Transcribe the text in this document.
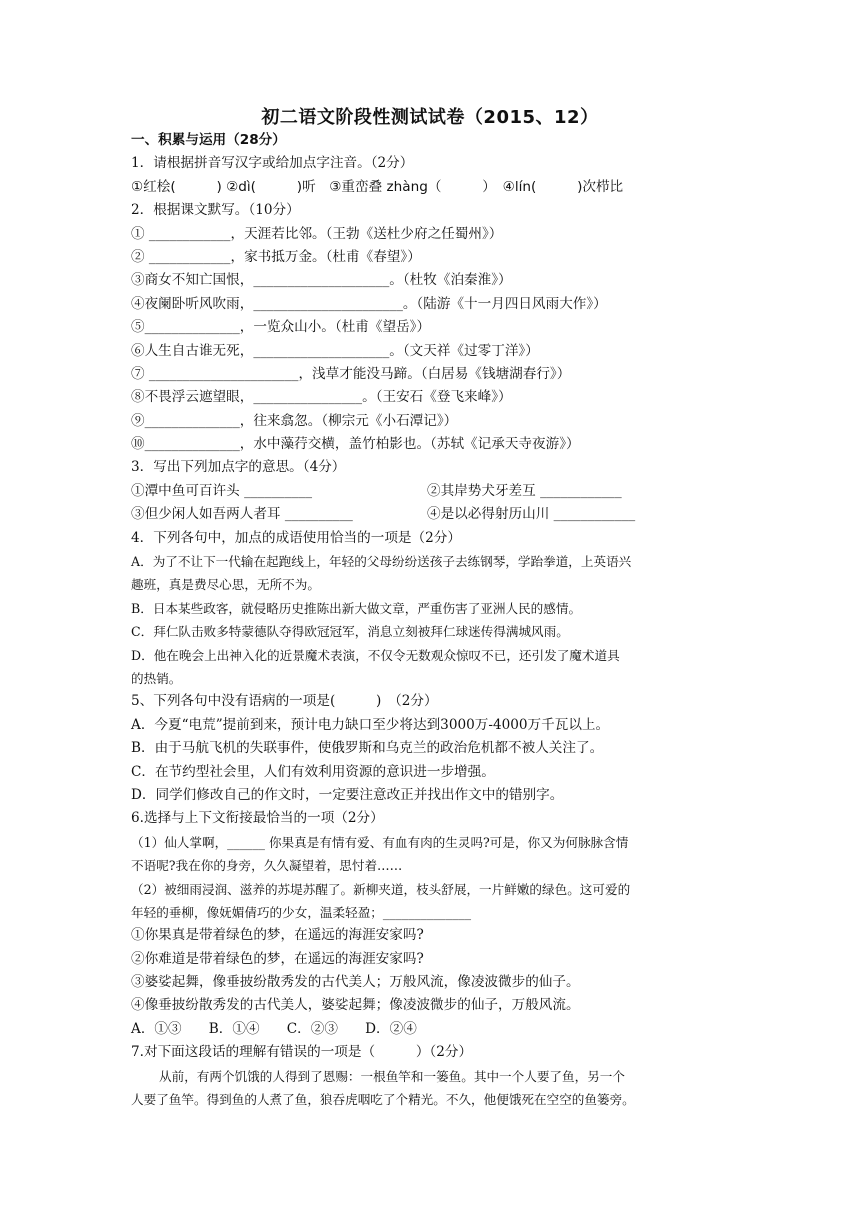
初二语文阶段性测试试卷（2015、12）
一、积累与运用（28分）
1．请根据拼音写汉字或给加点字注音。（2分）
①红桧(　　　) ②dì(　　　)听　③重峦叠 zhàng（　　　）　④lín(　　　)次栉比
2．根据课文默写。（10分）
① ____________，天涯若比邻。（王勃《送杜少府之任蜀州》）
② ____________，家书抵万金。（杜甫《春望》）
③商女不知亡国恨，____________________。（杜牧《泊秦淮》）
④夜阑卧听风吹雨，______________________。（陆游《十一月四日风雨大作》）
⑤______________，一览众山小。（杜甫《望岳》）
⑥人生自古谁无死，____________________。（文天祥《过零丁洋》）
⑦ ______________________，浅草才能没马蹄。（白居易《钱塘湖春行》）
⑧不畏浮云遮望眼，________________。（王安石《登飞来峰》）
⑨______________，往来翕忽。（柳宗元《小石潭记》）
⑩______________，水中藻荇交横，盖竹柏影也。（苏轼《记承天寺夜游》）
3．写出下列加点字的意思。（4分）
①潭中鱼可百许头 __________	②其岸势犬牙差互 ____________
③但少闲人如吾两人者耳 __________	④是以必得射历山川 ____________
4．下列各句中，加点的成语使用恰当的一项是（2分）
A．为了不让下一代输在起跑线上，年轻的父母纷纷送孩子去练钢琴，学跆拳道，上英语兴
趣班，真是费尽心思，无所不为。
B．日本某些政客，就侵略历史推陈出新大做文章，严重伤害了亚洲人民的感情。
C．拜仁队击败多特蒙德队夺得欧冠冠军，消息立刻被拜仁球迷传得满城风雨。
D．他在晚会上出神入化的近景魔术表演，不仅令无数观众惊叹不已，还引发了魔术道具
的热销。
5、下列各句中没有语病的一项是(　　　)　（2分）
A．今夏“电荒”提前到来，预计电力缺口至少将达到3000万-4000万千瓦以上。
B．由于马航飞机的失联事件，使俄罗斯和乌克兰的政治危机都不被人关注了。
C．在节约型社会里，人们有效利用资源的意识进一步增强。
D．同学们修改自己的作文时，一定要注意改正并找出作文中的错别字。
6.选择与上下文衔接最恰当的一项（2分）
（1）仙人掌啊，______ 你果真是有情有爱、有血有肉的生灵吗?可是，你又为何脉脉含情
不语呢?我在你的身旁，久久凝望着，思忖着……
（2）被细雨浸润、滋养的苏堤苏醒了。新柳夹道，枝头舒展，一片鲜嫩的绿色。这可爱的
年轻的垂柳，像妩媚倩巧的少女，温柔轻盈；______________
①你果真是带着绿色的梦，在遥远的海涯安家吗?
②你难道是带着绿色的梦，在遥远的海涯安家吗?
③婆娑起舞，像垂披纷散秀发的古代美人；万般风流，像凌波微步的仙子。
④像垂披纷散秀发的古代美人，婆娑起舞；像凌波微步的仙子，万般风流。
A．①③　　B．①④　　C．②③　　D．②④
7.对下面这段话的理解有错误的一项是（　　　）（2分）
从前，有两个饥饿的人得到了恩赐：一根鱼竿和一篓鱼。其中一个人要了鱼，另一个
人要了鱼竿。得到鱼的人煮了鱼，狼吞虎咽吃了个精光。不久，他便饿死在空空的鱼篓旁。
